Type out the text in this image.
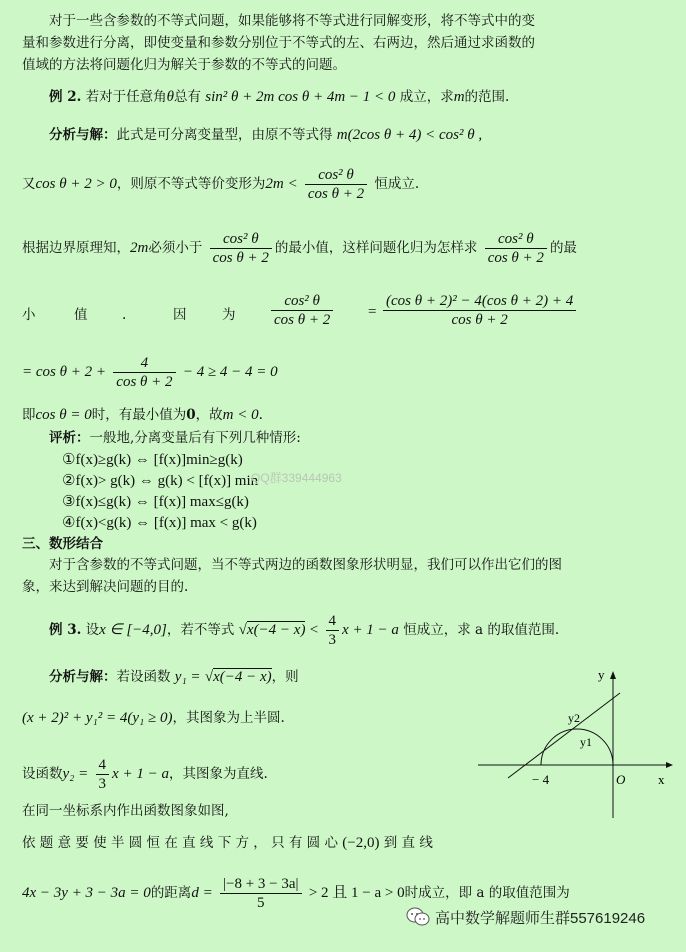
对于一些含参数的不等式问题，如果能够将不等式进行同解变形，将不等式中的变
量和参数进行分离，即使变量和参数分别位于不等式的左、右两边，然后通过求函数的
值域的方法将问题化归为解关于参数的不等式的问题。
例 2. 若对于任意角θ总有 sin² θ + 2m cos θ + 4m − 1 < 0 成立，求m的范围.
分析与解：此式是可分离变量型，由原不等式得 m(2cos θ + 4) < cos² θ ,
又cos θ + 2 > 0，则原不等式等价变形为$2m < \frac{\text{cos² θ}}{\text{cos θ + 2}}$ 恒成立.
根据边界原理知，2m必须小于 $\frac{\text{cos² θ}}{\text{cos θ + 2}}$ 的最小值，这样问题化归为怎样求 $\frac{\text{cos² θ}}{\text{cos θ + 2}}$ 的最
小	值	.	因	为 $\frac{\text{cos² θ}}{\text{cos θ + 2}} = \frac{\text{(cos θ + 2)² − 4(cos θ + 2) + 4}}{\text{cos θ + 2}}$
= $\cos \theta + 2 + \frac{4}{\text{cos θ + 2}} - 4 \ge 4 - 4 = 0$
即cos θ = 0时，有最小值为0，故m < 0.
评析：一般地,分离变量后有下列几种情形:
①f(x)≥g(k) ⇔ [f(x)]min≥g(k)
②f(x)> g(k) ⇔ g(k) < [f(x)] min
③f(x)≤g(k) ⇔ [f(x)] max≤g(k)
④f(x)<g(k) ⇔ [f(x)] max < g(k)
QQ群339444963
三、数形结合
对于含参数的不等式问题，当不等式两边的函数图象形状明显，我们可以作出它们的图
象，来达到解决问题的目的.
例 3. 设x ∈ [−4,0]，若不等式 $√x(-4 - x) < \frac{4}{3}$ x + 1 − a 恒成立，求 a 的取值范围.
分析与解：若设函数 y₁ = √x(−4 − x)，则
(x + 2)² + y₁² = 4(y₁ ≥ 0)，其图象为上半圆.
设函数$y_2 = \frac{4}{3}$ x + 1 − a，其图象为直线.
在同一坐标系内作出函数图象如图,
依 题 意 要 使 半 圆 恒 在 直 线 下 方 ， 只 有 圆 心 (−2,0) 到 直 线
4x − 3y + 3 − 3a = 0的距离$d = \frac{|-8 + 3 - 3a|}{5} > 2$ 且 1 − a > 0时成立，即 a 的取值范围为
y
x
y2
y1
− 4	O
高中数学解题师生群557619246
